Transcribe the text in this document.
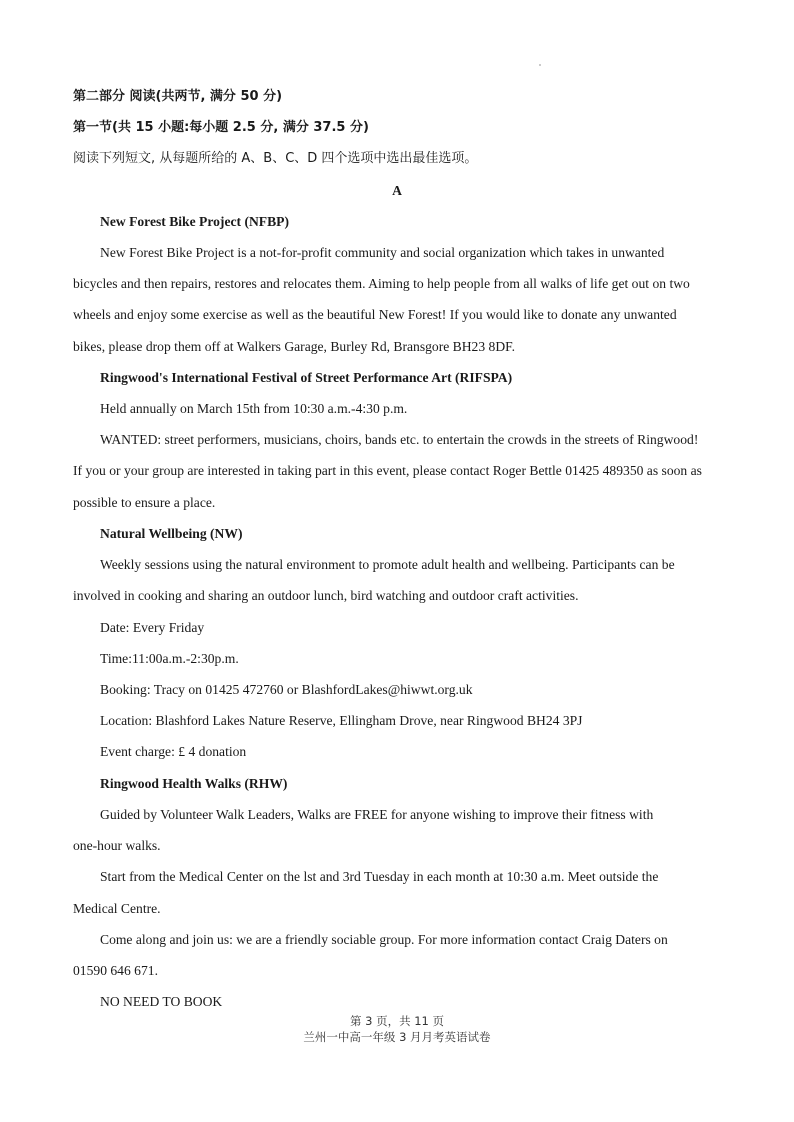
第二部分 阅读(共两节, 满分 50 分)
第一节(共 15 小题:每小题 2.5 分, 满分 37.5 分)
阅读下列短文, 从每题所给的 A、B、C、D 四个选项中选出最佳选项。
A
New Forest Bike Project (NFBP)
New Forest Bike Project is a not-for-profit community and social organization which takes in unwanted
bicycles and then repairs, restores and relocates them. Aiming to help people from all walks of life get out on two
wheels and enjoy some exercise as well as the beautiful New Forest! If you would like to donate any unwanted
bikes, please drop them off at Walkers Garage, Burley Rd, Bransgore BH23 8DF.
Ringwood's International Festival of Street Performance Art (RIFSPA)
Held annually on March 15th from 10:30 a.m.-4:30 p.m.
WANTED: street performers, musicians, choirs, bands etc. to entertain the crowds in the streets of Ringwood!
If you or your group are interested in taking part in this event, please contact Roger Bettle 01425 489350 as soon as
possible to ensure a place.
Natural Wellbeing (NW)
Weekly sessions using the natural environment to promote adult health and wellbeing. Participants can be
involved in cooking and sharing an outdoor lunch, bird watching and outdoor craft activities.
Date: Every Friday
Time:11:00a.m.-2:30p.m.
Booking: Tracy on 01425 472760 or BlashfordLakes@hiwwt.org.uk
Location: Blashford Lakes Nature Reserve, Ellingham Drove, near Ringwood BH24 3PJ
Event charge: £ 4 donation
Ringwood Health Walks (RHW)
Guided by Volunteer Walk Leaders, Walks are FREE for anyone wishing to improve their fitness with
one-hour walks.
Start from the Medical Center on the lst and 3rd Tuesday in each month at 10:30 a.m. Meet outside the
Medical Centre.
Come along and join us: we are a friendly sociable group. For more information contact Craig Daters on
01590 646 671.
NO NEED TO BOOK
第 3 页，共 11 页
兰州一中高一年级 3 月月考英语试卷
